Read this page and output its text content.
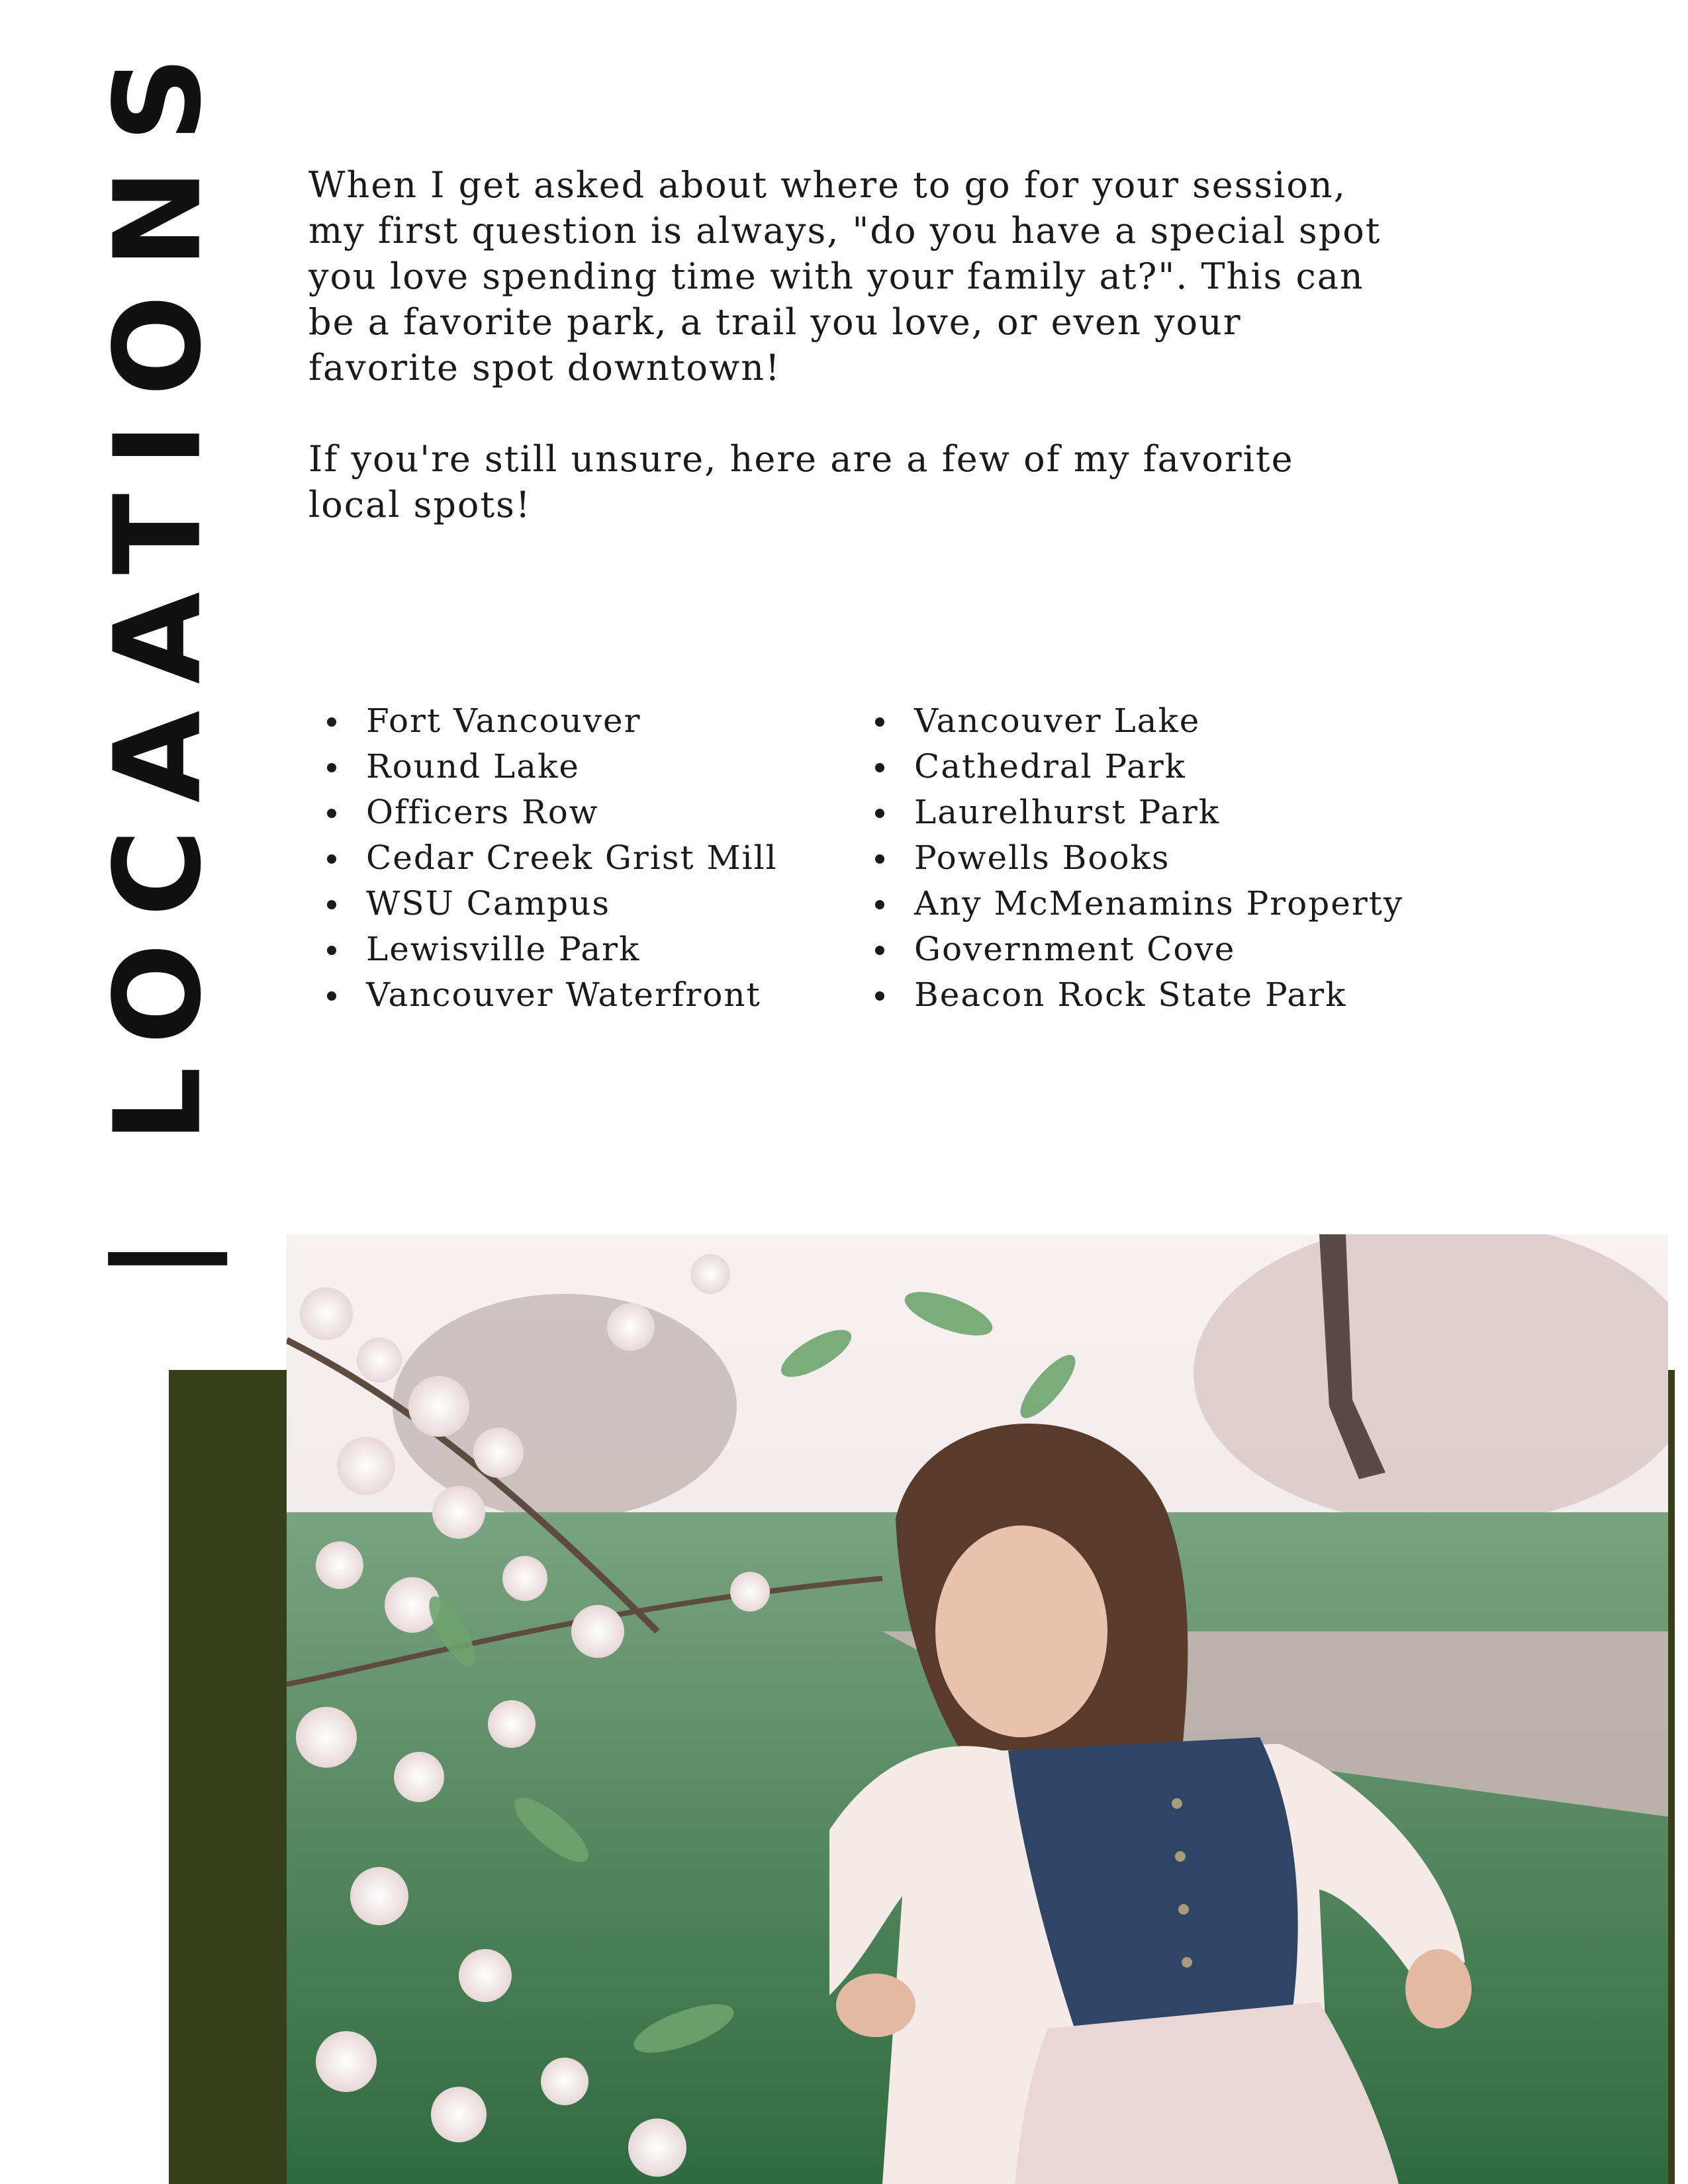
| LOCAATIONS When I get asked about where to go for your session, my first question is always, "do you have a special spot you love spending time with your family at?". This can be a favorite park, a trail you love, or even your favorite spot downtown!

If you're still unsure, here are a few of my favorite local spots!

Fort Vancouver
Round Lake
Officers Row
Cedar Creek Grist Mill
WSU Campus
Lewisville Park
Vancouver Waterfront
Vancouver Lake
Cathedral Park
Laurelhurst Park
Powells Books
Any McMenamins Property
Government Cove
Beacon Rock State Park
